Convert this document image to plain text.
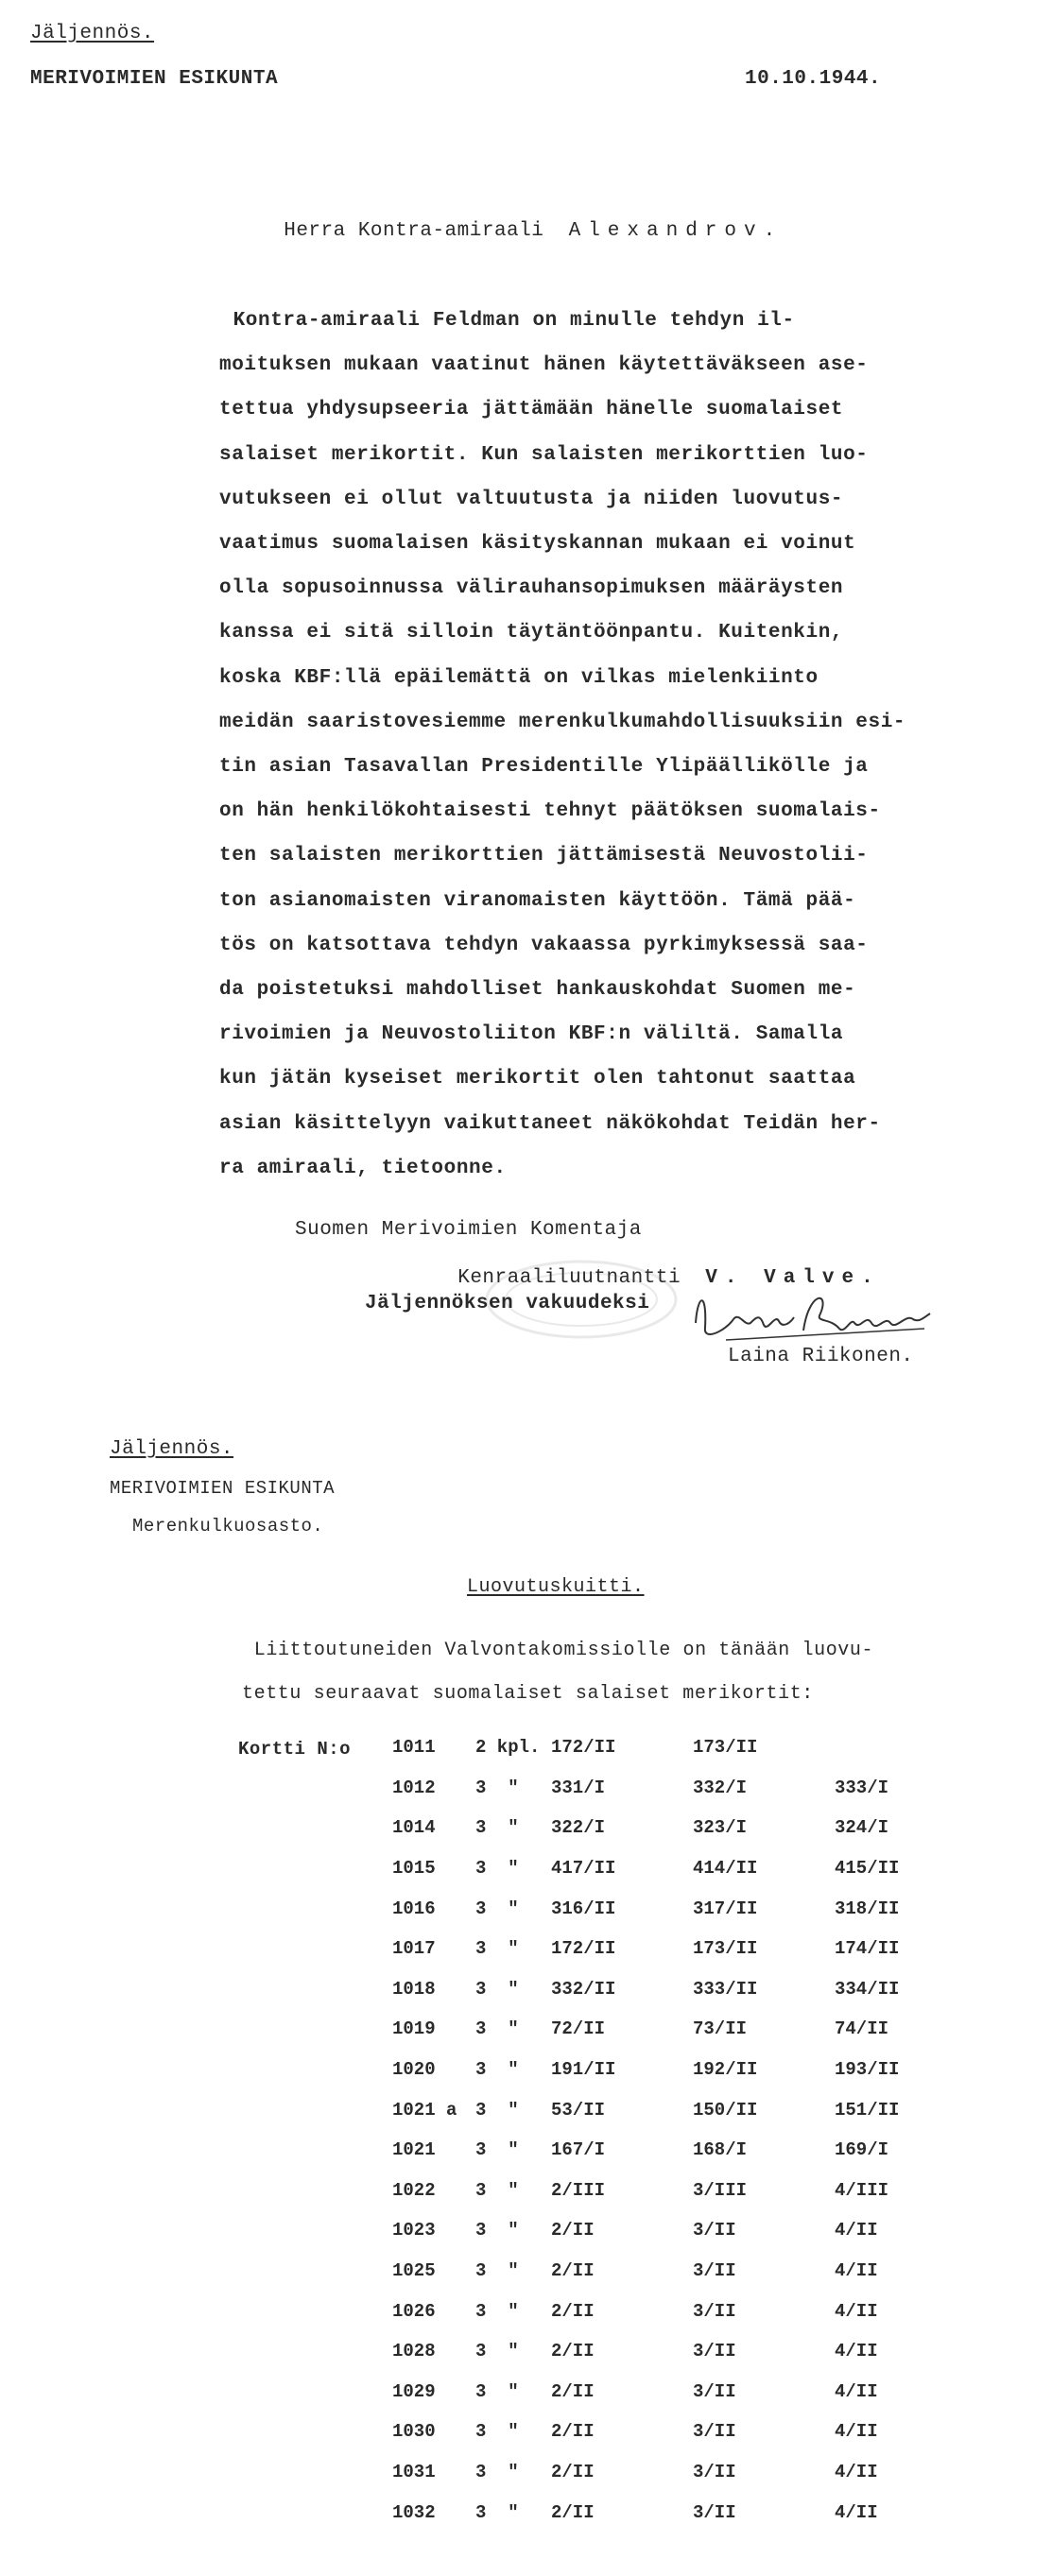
Jäljennös.
MERIVOIMIEN ESIKUNTA	10.10.1944.

Herra Kontra-amiraali Alexandrov.

Kontra-amiraali Feldman on minulle tehdyn il-
moituksen mukaan vaatinut hänen käytettäväkseen ase-
tettua yhdysupseeria jättämään hänelle suomalaiset
salaiset merikortit. Kun salaisten merikorttien luo-
vutukseen ei ollut valtuutusta ja niiden luovutus-
vaatimus suomalaisen käsityskannan mukaan ei voinut
olla sopusoinnussa välirauhansopimuksen määräysten
kanssa ei sitä silloin täytäntöönpantu. Kuitenkin,
koska KBF:llä epäilemättä on vilkas mielenkiinto
meidän saaristovesiemme merenkulkumahdollisuuksiin esi-
tin asian Tasavallan Presidentille Ylipäällikölle ja
on hän henkilökohtaisesti tehnyt päätöksen suomalais-
ten salaisten merikorttien jättämisestä Neuvostolii-
ton asianomaisten viranomaisten käyttöön. Tämä pää-
tös on katsottava tehdyn vakaassa pyrkimyksessä saa-
da poistetuksi mahdolliset hankauskohdat Suomen me-
rivoimien ja Neuvostoliiton KBF:n väliltä. Samalla
kun jätän kyseiset merikortit olen tahtonut saattaa
asian käsittelyyn vaikuttaneet näkökohdat Teidän her-
ra amiraali, tietoonne.
Suomen Merivoimien Komentaja

Kenraaliluutnantti V. Valve.

Jäljennöksen vakuudeksi
Laina Riikonen.
Jäljennös.
MERIVOIMIEN ESIKUNTA
Merenkulkuosasto.
Luovutuskuitti.
Liittoutuneiden Valvontakomissiolle on tänään luovu-
tettu seuraavat suomalaiset salaiset merikortit:
Kortti N:o
	1011	2 kpl.	172/II	173/II	
	1012	3  "	331/I	332/I	333/I
	1014	3  "	322/I	323/I	324/I
	1015	3  "	417/II	414/II	415/II
	1016	3  "	316/II	317/II	318/II
	1017	3  "	172/II	173/II	174/II
	1018	3  "	332/II	333/II	334/II
	1019	3  "	72/II	73/II	74/II
	1020	3  "	191/II	192/II	193/II
	1021 a	3  "	53/II	150/II	151/II
	1021	3  "	167/I	168/I	169/I
	1022	3  "	2/III	3/III	4/III
	1023	3  "	2/II	3/II	4/II
	1025	3  "	2/II	3/II	4/II
	1026	3  "	2/II	3/II	4/II
	1028	3  "	2/II	3/II	4/II
	1029	3  "	2/II	3/II	4/II
	1030	3  "	2/II	3/II	4/II
	1031	3  "	2/II	3/II	4/II
	1032	3  "	2/II	3/II	4/II
